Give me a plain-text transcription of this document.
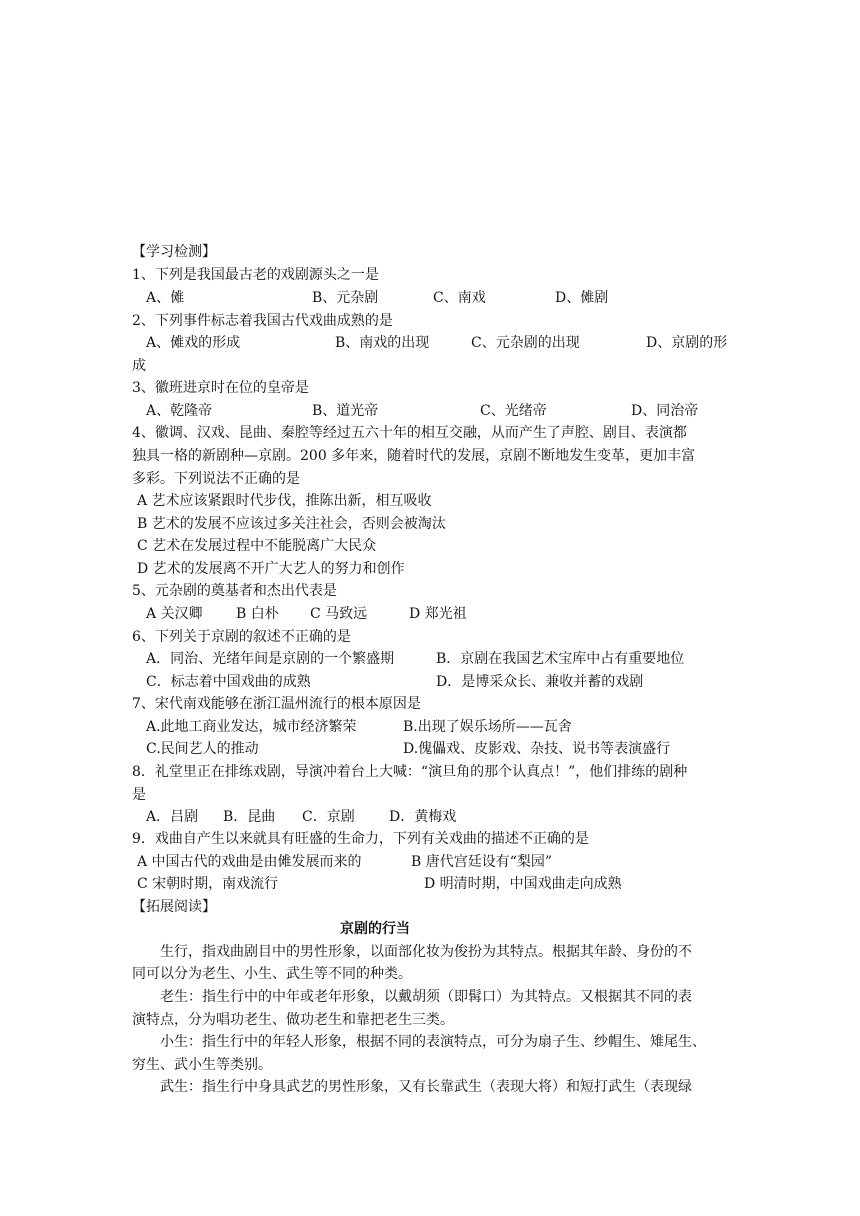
【学习检测】
1、下列是我国最古老的戏剧源头之一是
A、傩	B、元杂剧	C、南戏	D、傩剧
2、下列事件标志着我国古代戏曲成熟的是
A、傩戏的形成	B、南戏的出现	C、元杂剧的出现	D、京剧的形
成
3、徽班进京时在位的皇帝是
A、乾隆帝	B、道光帝	C、光绪帝	D、同治帝
4、徽调、汉戏、昆曲、秦腔等经过五六十年的相互交融，从而产生了声腔、剧目、表演都
独具一格的新剧种—京剧。200 多年来，随着时代的发展，京剧不断地发生变革，更加丰富
多彩。下列说法不正确的是
A 艺术应该紧跟时代步伐，推陈出新，相互吸收
B 艺术的发展不应该过多关注社会，否则会被淘汰
C 艺术在发展过程中不能脱离广大民众
D 艺术的发展离不开广大艺人的努力和创作
5、元杂剧的奠基者和杰出代表是
A 关汉卿 B 白朴 C 马致远	D 郑光祖
6、下列关于京剧的叙述不正确的是
A．同治、光绪年间是京剧的一个繁盛期	B．京剧在我国艺术宝库中占有重要地位
C．标志着中国戏曲的成熟	D．是博采众长、兼收并蓄的戏剧
7、宋代南戏能够在浙江温州流行的根本原因是
A.此地工商业发达，城市经济繁荣	B.出现了娱乐场所——瓦舍
C.民间艺人的推动	D.傀儡戏、皮影戏、杂技、说书等表演盛行
8．礼堂里正在排练戏剧，导演冲着台上大喊：“演旦角的那个认真点！”，他们排练的剧种
是
A．吕剧 B．昆曲 C．京剧 D．黄梅戏
9．戏曲自产生以来就具有旺盛的生命力，下列有关戏曲的描述不正确的是
A 中国古代的戏曲是由傩发展而来的	B 唐代宫廷设有“梨园”
C 宋朝时期，南戏流行	D 明清时期，中国戏曲走向成熟
【拓展阅读】
京剧的行当
生行，指戏曲剧目中的男性形象，以面部化妆为俊扮为其特点。根据其年龄、身份的不
同可以分为老生、小生、武生等不同的种类。
老生：指生行中的中年或老年形象，以戴胡须（即髯口）为其特点。又根据其不同的表
演特点，分为唱功老生、做功老生和靠把老生三类。
小生：指生行中的年轻人形象，根据不同的表演特点，可分为扇子生、纱帽生、雉尾生、
穷生、武小生等类别。
武生：指生行中身具武艺的男性形象，又有长靠武生（表现大将）和短打武生（表现绿
